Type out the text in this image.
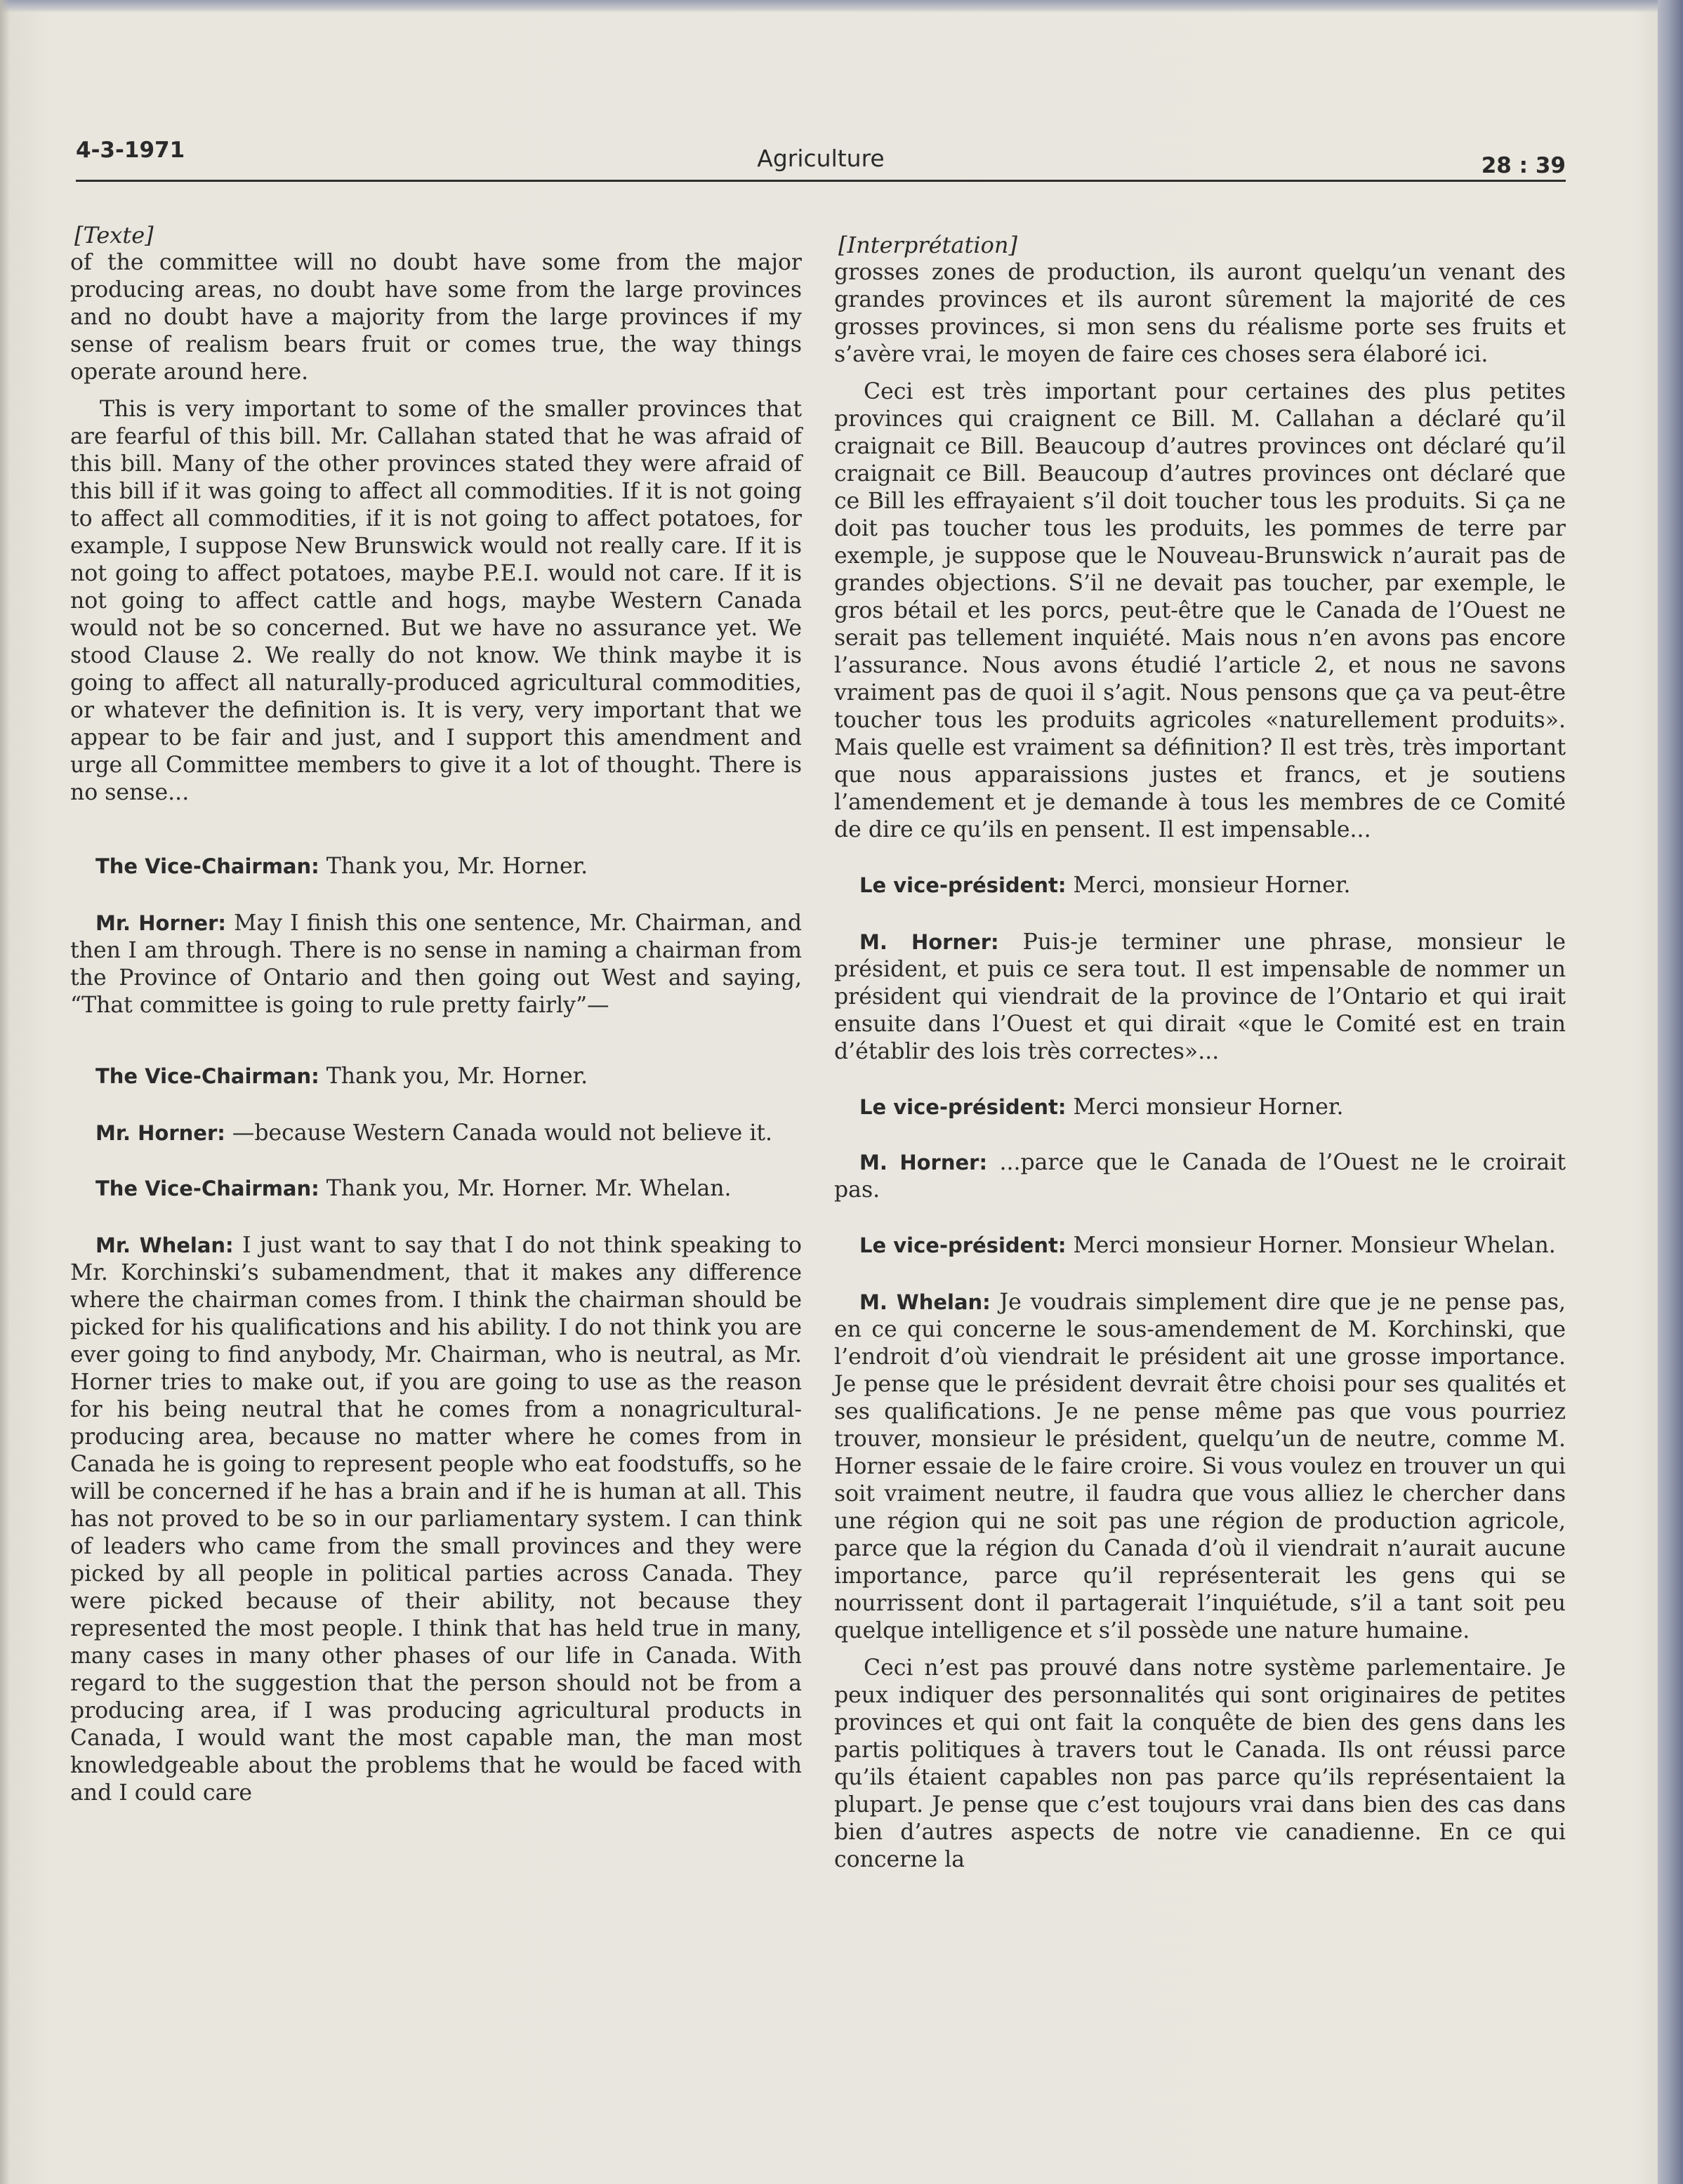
4-3-1971	Agriculture	28 : 39
[Texte]

of the committee will no doubt have some from the major producing areas, no doubt have some from the large provinces and no doubt have a majority from the large provinces if my sense of realism bears fruit or comes true, the way things operate around here.

This is very important to some of the smaller provinces that are fearful of this bill. Mr. Callahan stated that he was afraid of this bill. Many of the other provinces stated they were afraid of this bill if it was going to affect all commodities. If it is not going to affect all commodities, if it is not going to affect potatoes, for example, I suppose New Brunswick would not really care. If it is not going to affect potatoes, maybe P.E.I. would not care. If it is not going to affect cattle and hogs, maybe Western Canada would not be so concerned. But we have no assurance yet. We stood Clause 2. We really do not know. We think maybe it is going to affect all naturally-produced agricultural commodities, or whatever the definition is. It is very, very important that we appear to be fair and just, and I support this amendment and urge all Committee members to give it a lot of thought. There is no sense...

The Vice-Chairman: Thank you, Mr. Horner.

Mr. Horner: May I finish this one sentence, Mr. Chairman, and then I am through. There is no sense in naming a chairman from the Province of Ontario and then going out West and saying, “That committee is going to rule pretty fairly”—

The Vice-Chairman: Thank you, Mr. Horner.

Mr. Horner: —because Western Canada would not believe it.

The Vice-Chairman: Thank you, Mr. Horner. Mr. Whelan.

Mr. Whelan: I just want to say that I do not think speaking to Mr. Korchinski’s subamendment, that it makes any difference where the chairman comes from. I think the chairman should be picked for his qualifications and his ability. I do not think you are ever going to find anybody, Mr. Chairman, who is neutral, as Mr. Horner tries to make out, if you are going to use as the reason for his being neutral that he comes from a nonagricultural-producing area, because no matter where he comes from in Canada he is going to represent people who eat foodstuffs, so he will be concerned if he has a brain and if he is human at all. This has not proved to be so in our parliamentary system. I can think of leaders who came from the small provinces and they were picked by all people in political parties across Canada. They were picked because of their ability, not because they represented the most people. I think that has held true in many, many cases in many other phases of our life in Canada. With regard to the suggestion that the person should not be from a producing area, if I was producing agricultural products in Canada, I would want the most capable man, the man most knowledgeable about the problems that he would be faced with and I could care

[Interprétation]

grosses zones de production, ils auront quelqu’un venant des grandes provinces et ils auront sûrement la majorité de ces grosses provinces, si mon sens du réalisme porte ses fruits et s’avère vrai, le moyen de faire ces choses sera élaboré ici.

Ceci est très important pour certaines des plus petites provinces qui craignent ce Bill. M. Callahan a déclaré qu’il craignait ce Bill. Beaucoup d’autres provinces ont déclaré qu’il craignait ce Bill. Beaucoup d’autres provinces ont déclaré que ce Bill les effrayaient s’il doit toucher tous les produits. Si ça ne doit pas toucher tous les produits, les pommes de terre par exemple, je suppose que le Nouveau-Brunswick n’aurait pas de grandes objections. S’il ne devait pas toucher, par exemple, le gros bétail et les porcs, peut-être que le Canada de l’Ouest ne serait pas tellement inquiété. Mais nous n’en avons pas encore l’assurance. Nous avons étudié l’article 2, et nous ne savons vraiment pas de quoi il s’agit. Nous pensons que ça va peut-être toucher tous les produits agricoles «naturellement produits». Mais quelle est vraiment sa définition? Il est très, très important que nous apparaissions justes et francs, et je soutiens l’amendement et je demande à tous les membres de ce Comité de dire ce qu’ils en pensent. Il est impensable...

Le vice-président: Merci, monsieur Horner.

M. Horner: Puis-je terminer une phrase, monsieur le président, et puis ce sera tout. Il est impensable de nommer un président qui viendrait de la province de l’Ontario et qui irait ensuite dans l’Ouest et qui dirait «que le Comité est en train d’établir des lois très correctes»...

Le vice-président: Merci monsieur Horner.

M. Horner: ...parce que le Canada de l’Ouest ne le croirait pas.

Le vice-président: Merci monsieur Horner. Monsieur Whelan.

M. Whelan: Je voudrais simplement dire que je ne pense pas, en ce qui concerne le sous-amendement de M. Korchinski, que l’endroit d’où viendrait le président ait une grosse importance. Je pense que le président devrait être choisi pour ses qualités et ses qualifications. Je ne pense même pas que vous pourriez trouver, monsieur le président, quelqu’un de neutre, comme M. Horner essaie de le faire croire. Si vous voulez en trouver un qui soit vraiment neutre, il faudra que vous alliez le chercher dans une région qui ne soit pas une région de production agricole, parce que la région du Canada d’où il viendrait n’aurait aucune importance, parce qu’il représenterait les gens qui se nourrissent dont il partagerait l’inquiétude, s’il a tant soit peu quelque intelligence et s’il possède une nature humaine.

Ceci n’est pas prouvé dans notre système parlementaire. Je peux indiquer des personnalités qui sont originaires de petites provinces et qui ont fait la conquête de bien des gens dans les partis politiques à travers tout le Canada. Ils ont réussi parce qu’ils étaient capables non pas parce qu’ils représentaient la plupart. Je pense que c’est toujours vrai dans bien des cas dans bien d’autres aspects de notre vie canadienne. En ce qui concerne la
